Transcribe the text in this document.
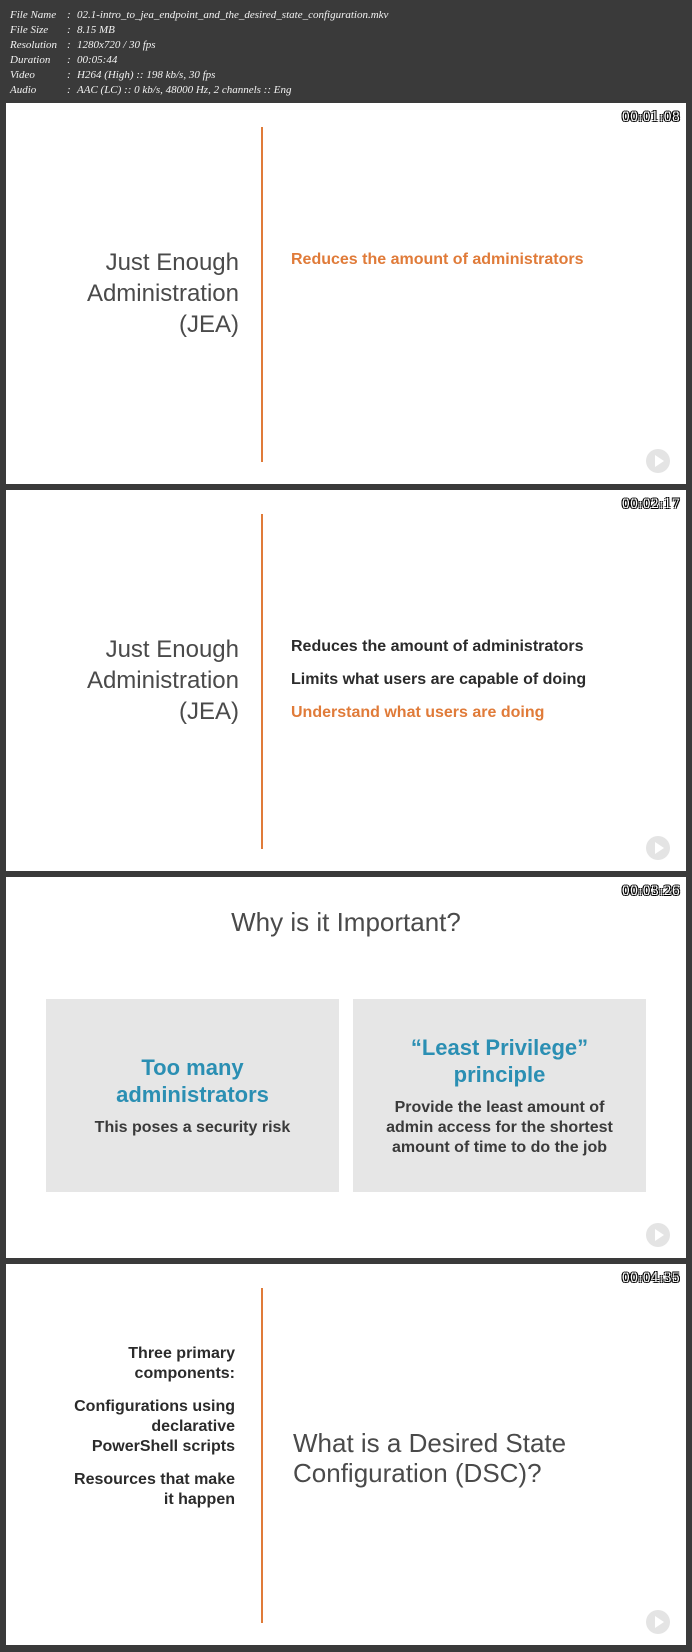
File Name : 02.1-intro_to_jea_endpoint_and_the_desired_state_configuration.mkv
File Size	: 8.15 MB
Resolution : 1280x720 / 30 fps
Duration	: 00:05:44
Video	: H264 (High) :: 198 kb/s, 30 fps
Audio	: AAC (LC) :: 0 kb/s, 48000 Hz, 2 channels :: Eng
00:01:08
Just Enough
Administration
(JEA)
Reduces the amount of administrators
00:02:17
Just Enough
Administration
(JEA)
Reduces the amount of administrators
Limits what users are capable of doing
Understand what users are doing
00:03:26
Why is it Important?
Too many
administrators
This poses a security risk
“Least Privilege”
principle
Provide the least amount of
admin access for the shortest
amount of time to do the job
00:04:35
Three primary
components:
Configurations using
declarative
PowerShell scripts
Resources that make
it happen
What is a Desired State
Configuration (DSC)?
